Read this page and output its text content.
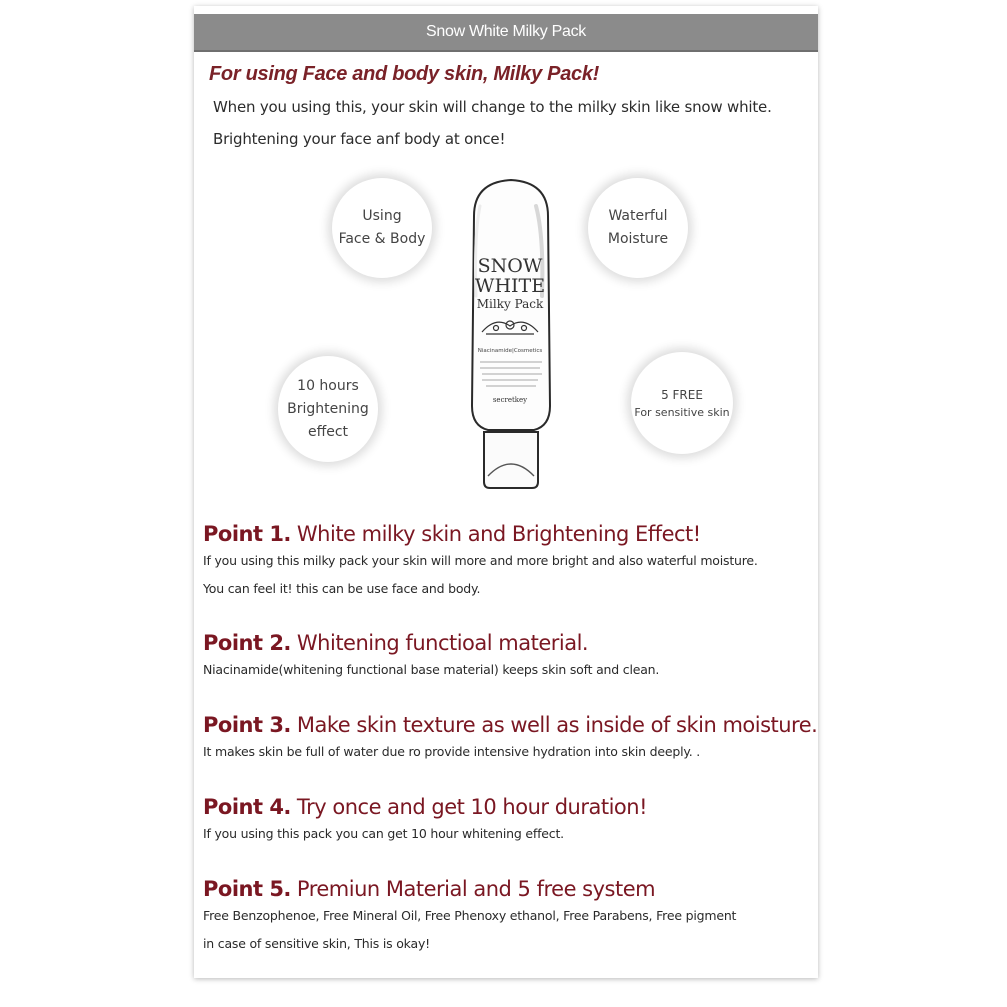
Snow White Milky Pack
For using Face and body skin, Milky Pack!

When you using this, your skin will change to the milky skin like snow white.

Brightening your face anf body at once!

Using
Face & Body
Waterful
Moisture
10 hours
Brightening
effect
5 FREE
For sensitive skin
SNOW
WHITE
Milky Pack
Niacinamide|Cosmetics
secretkey
Point 1. White milky skin and Brightening Effect!

If you using this milky pack your skin will more and more bright and also waterful moisture.

You can feel it! this can be use face and body.

Point 2. Whitening functioal material.

Niacinamide(whitening functional base material) keeps skin soft and clean.

Point 3. Make skin texture as well as inside of skin moisture.

It makes skin be full of water due ro provide intensive hydration into skin deeply. .

Point 4. Try once and get 10 hour duration!

If you using this pack you can get 10 hour whitening effect.

Point 5. Premiun Material and 5 free system

Free Benzophenoe, Free Mineral Oil, Free Phenoxy ethanol, Free Parabens, Free pigment

in case of sensitive skin, This is okay!
